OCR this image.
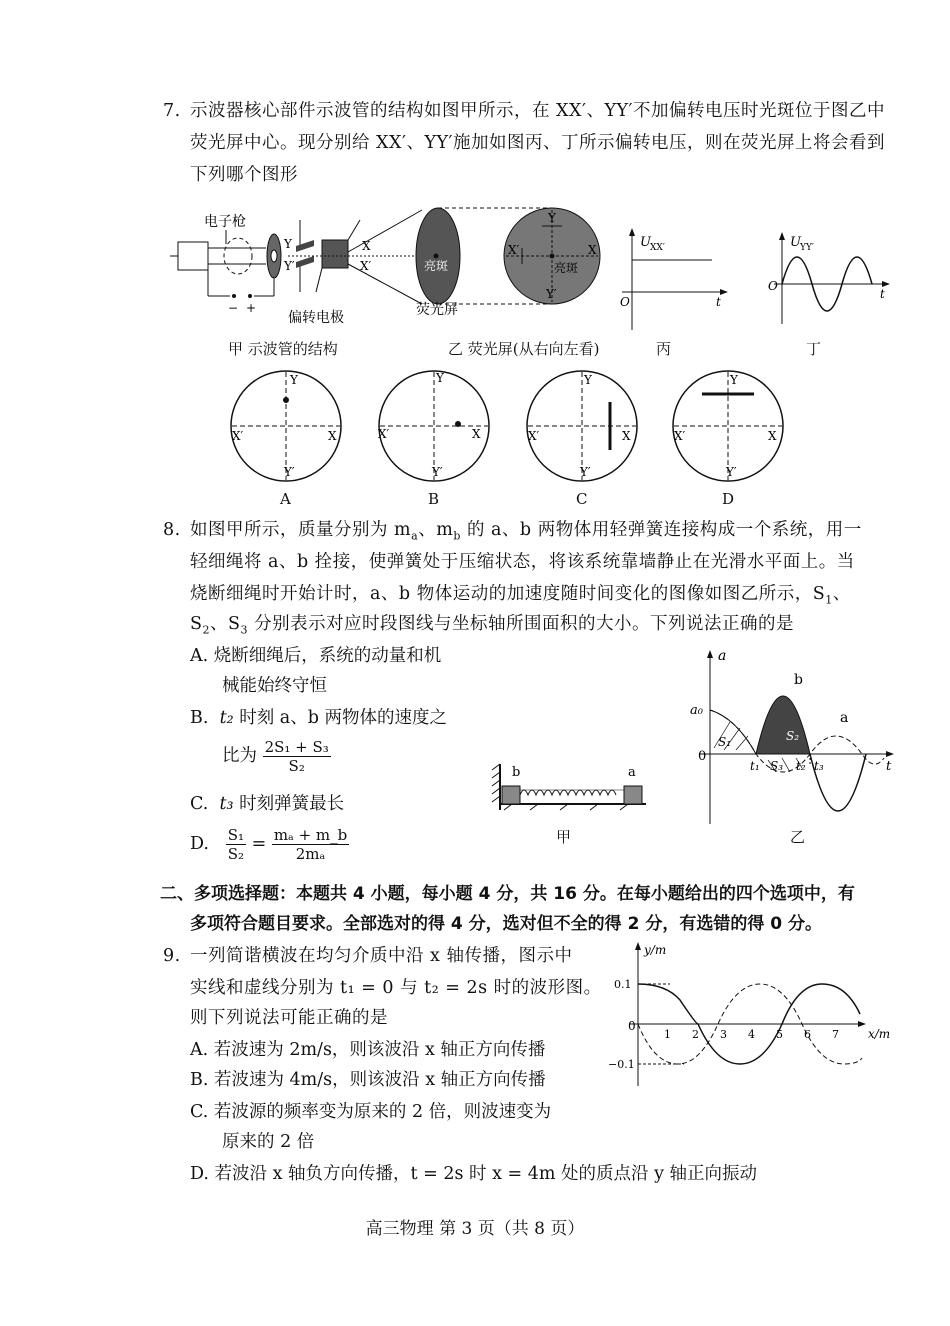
7. 示波器核心部件示波管的结构如图甲所示，在 XX′、YY′不加偏转电压时光斑位于图乙中
荧光屏中心。现分别给 XX′、YY′施加如图丙、丁所示偏转电压，则在荧光屏上将会看到
下列哪个图形
电子枪
− +
Y
Y′
X
X′
偏转电极
亮斑
荧光屏
Y
Y′
X′	X
亮斑
甲 示波管的结构	乙 荧光屏(从右向左看)
U XX′
O	t
丙
U YY′
O
t
丁
Y
Y′
X′	X
Y
Y′
X′	X
Y
Y′
X′	X
Y
Y′
X′	X
A	B	C	D
8. 如图甲所示，质量分别为 $m_a$、$m_b$ 的 a、b 两物体用轻弹簧连接构成一个系统，用一
轻细绳将 a、b 拴接，使弹簧处于压缩状态，将该系统靠墙静止在光滑水平面上。当
烧断细绳时开始计时，a、b 物体运动的加速度随时间变化的图像如图乙所示，$S_1$、
$S_2$、$S_3$ 分别表示对应时段图线与坐标轴所围面积的大小。下列说法正确的是
A. 烧断细绳后，系统的动量和机
械能始终守恒
B. t₂ 时刻 a、b 两物体的速度之
比为 $\frac{\text{2S₁ + S₃}}{\text{S₂}}$
C. t₃ 时刻弹簧最长
D. $\frac{\text{S₁}}{\text{S₂}} = \frac{\text{mₐ + m\_b}}{\text{2mₐ}}$
b	a
甲
a
a₀
0
t
b
a
S₁	S₂
S₃
t₁	t₂ t₃
乙
二、多项选择题：本题共 4 小题，每小题 4 分，共 16 分。在每小题给出的四个选项中，有
多项符合题目要求。全部选对的得 4 分，选对但不全的得 2 分，有选错的得 0 分。
9. 一列简谐横波在均匀介质中沿 x 轴传播，图示中
实线和虚线分别为 t₁ = 0 与 t₂ = 2s 时的波形图。
则下列说法可能正确的是
A. 若波速为 2m/s，则该波沿 x 轴正方向传播
B. 若波速为 4m/s，则该波沿 x 轴正方向传播
C. 若波源的频率变为原来的 2 倍，则波速变为
原来的 2 倍
D. 若波沿 x 轴负方向传播，t = 2s 时 x = 4m 处的质点沿 y 轴正向振动
y/m
x/m
0
0.1
−0.1
1 2 3 4 5 6 7
高三物理 第 3 页（共 8 页）
